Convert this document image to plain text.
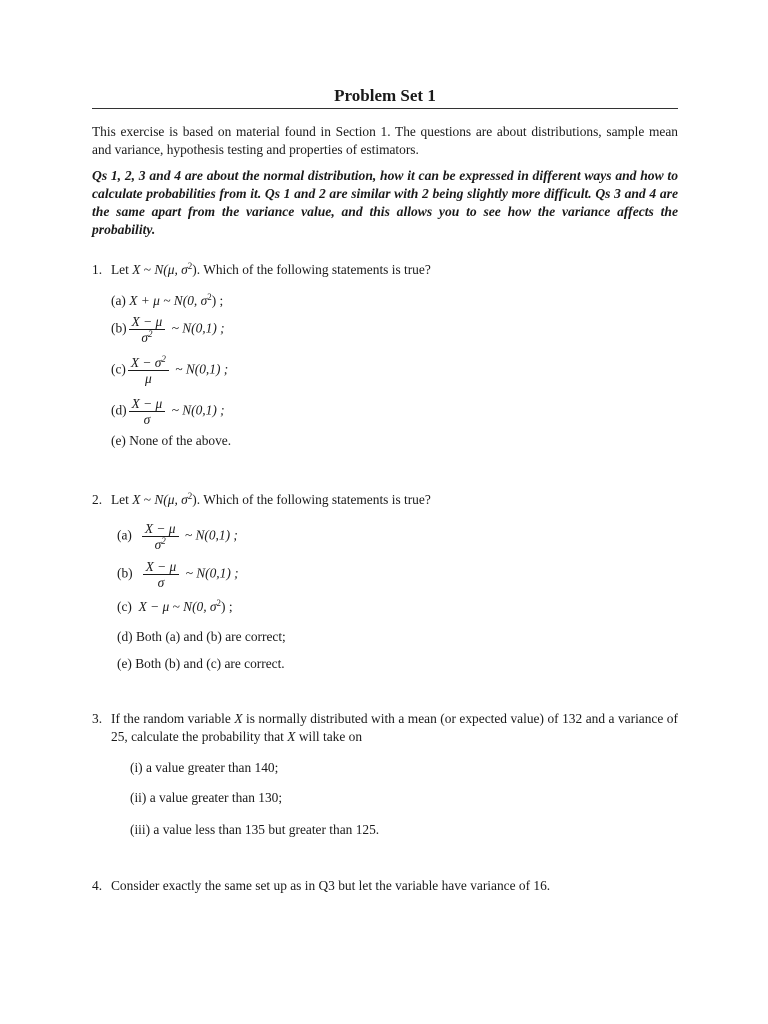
Problem Set 1
This exercise is based on material found in Section 1. The questions are about distributions, sample mean and variance, hypothesis testing and properties of estimators.
Qs 1, 2, 3 and 4 are about the normal distribution, how it can be expressed in different ways and how to calculate probabilities from it. Qs 1 and 2 are similar with 2 being slightly more difficult. Qs 3 and 4 are the same apart from the variance value, and this allows you to see how the variance affects the probability.
1. Let X ~ N(μ, $\sigma^2$). Which of the following statements is true?
(a) X + μ ~ N(0, $\sigma^2$) ;
$(b) \frac{X - \mu}{\sigma^2}$ ~ N(0,1) ;
$(c) \frac{X - \sigma^2}{\mu}$ ~ N(0,1) ;
$(d) \frac{X - \mu}{\sigma}$ ~ N(0,1) ;
(e) None of the above.
2. Let X ~ N(μ, $\sigma^2$). Which of the following statements is true?
$(a) \frac{X - \mu}{\sigma^2}$ ~ N(0,1) ;
$(b) \frac{X - \mu}{\sigma}$ ~ N(0,1) ;
(c) X − μ ~ N(0, $\sigma^2$) ;
(d) Both (a) and (b) are correct;
(e) Both (b) and (c) are correct.
3. If the random variable X is normally distributed with a mean (or expected value) of 132 and a variance of 25, calculate the probability that X will take on
(i) a value greater than 140;
(ii) a value greater than 130;
(iii) a value less than 135 but greater than 125.
4. Consider exactly the same set up as in Q3 but let the variable have variance of 16.
